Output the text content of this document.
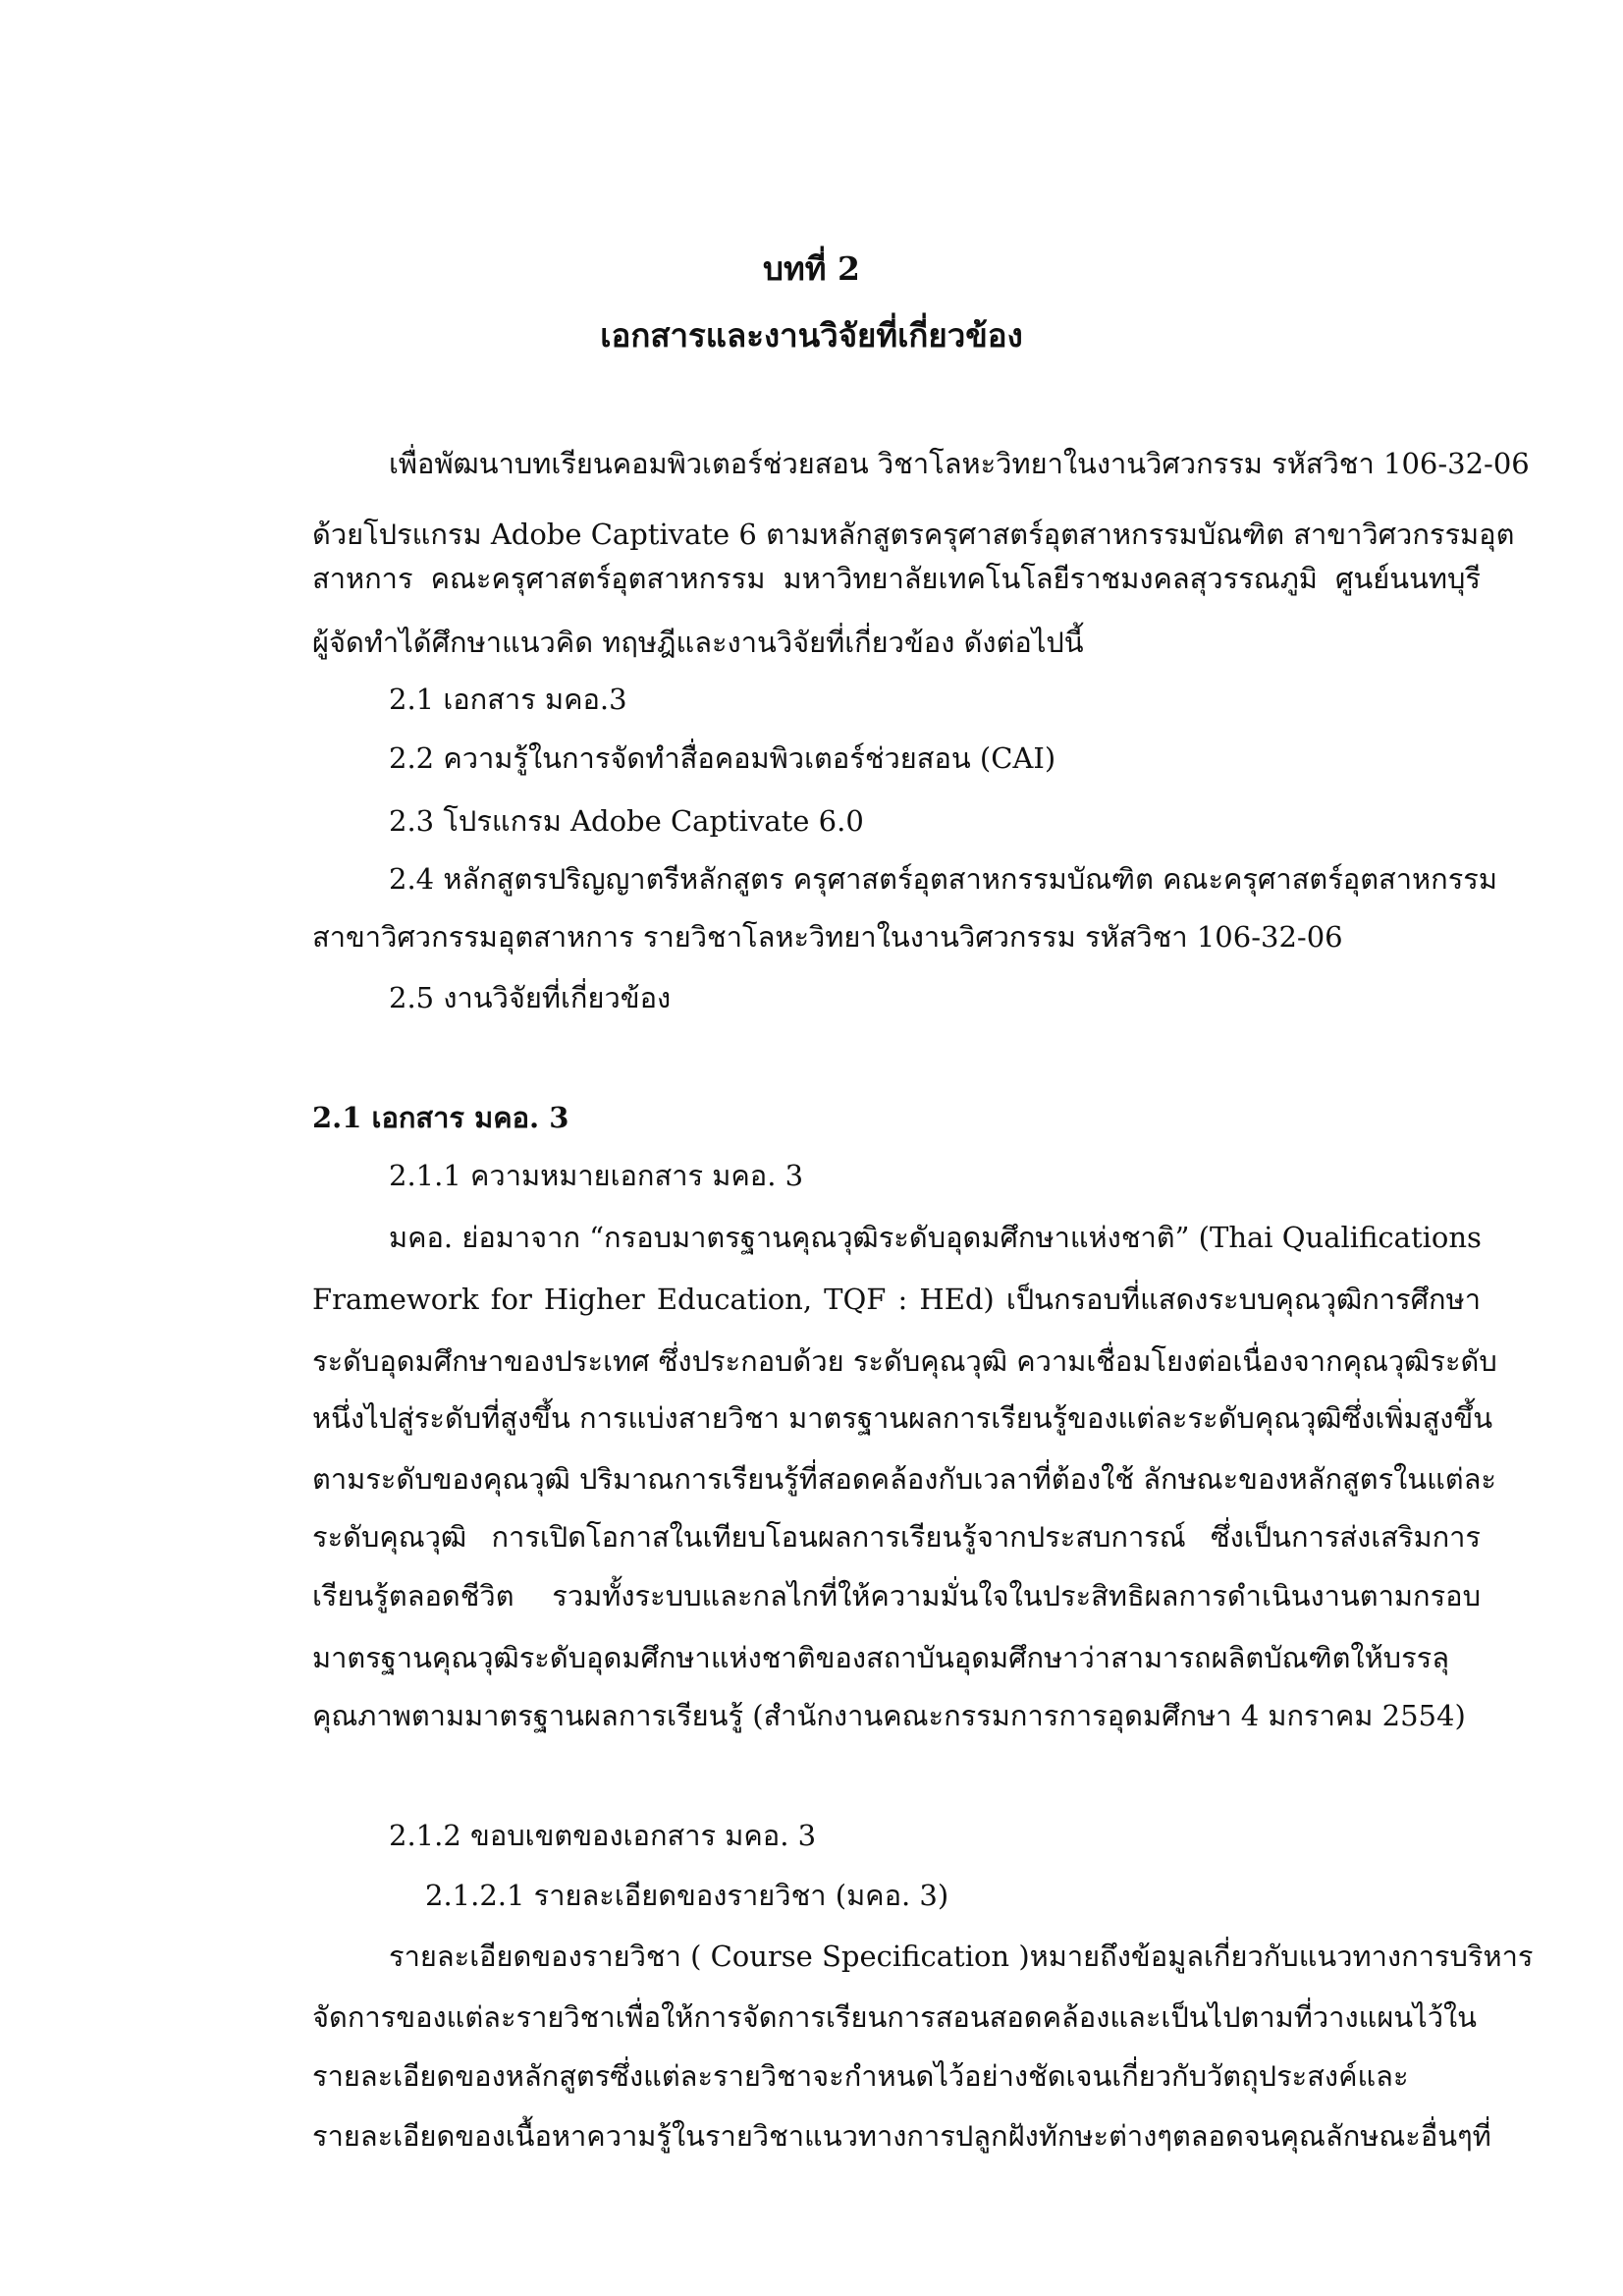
บทที่ 2
เอกสารและงานวิจัยที่เกี่ยวข้อง
เพื่อพัฒนาบทเรียนคอมพิวเตอร์ช่วยสอน วิชาโลหะวิทยาในงานวิศวกรรม รหัสวิชา 106-32-06
ด้วยโปรแกรม Adobe Captivate 6 ตามหลักสูตรครุศาสตร์อุตสาหกรรมบัณฑิต สาขาวิศวกรรมอุต
สาหการ คณะครุศาสตร์อุตสาหกรรม มหาวิทยาลัยเทคโนโลยีราชมงคลสุวรรณภูมิ ศูนย์นนทบุรี
ผู้จัดทำได้ศึกษาแนวคิด ทฤษฎีและงานวิจัยที่เกี่ยวข้อง ดังต่อไปนี้
2.1 เอกสาร มคอ.3
2.2 ความรู้ในการจัดทำสื่อคอมพิวเตอร์ช่วยสอน (CAI)
2.3 โปรแกรม Adobe Captivate 6.0
2.4 หลักสูตรปริญญาตรีหลักสูตร ครุศาสตร์อุตสาหกรรมบัณฑิต คณะครุศาสตร์อุตสาหกรรม
สาขาวิศวกรรมอุตสาหการ รายวิชาโลหะวิทยาในงานวิศวกรรม รหัสวิชา 106-32-06
2.5 งานวิจัยที่เกี่ยวข้อง
2.1 เอกสาร มคอ. 3
2.1.1 ความหมายเอกสาร มคอ. 3
มคอ. ย่อมาจาก “กรอบมาตรฐานคุณวุฒิระดับอุดมศึกษาแห่งชาติ” (Thai Qualifications
Framework for Higher Education, TQF : HEd) เป็นกรอบที่แสดงระบบคุณวุฒิการศึกษา
ระดับอุดมศึกษาของประเทศ ซึ่งประกอบด้วย ระดับคุณวุฒิ ความเชื่อมโยงต่อเนื่องจากคุณวุฒิระดับ
หนึ่งไปสู่ระดับที่สูงขึ้น การแบ่งสายวิชา มาตรฐานผลการเรียนรู้ของแต่ละระดับคุณวุฒิซึ่งเพิ่มสูงขึ้น
ตามระดับของคุณวุฒิ ปริมาณการเรียนรู้ที่สอดคล้องกับเวลาที่ต้องใช้ ลักษณะของหลักสูตรในแต่ละ
ระดับคุณวุฒิ การเปิดโอกาสในเทียบโอนผลการเรียนรู้จากประสบการณ์ ซึ่งเป็นการส่งเสริมการ
เรียนรู้ตลอดชีวิต รวมทั้งระบบและกลไกที่ให้ความมั่นใจในประสิทธิผลการดำเนินงานตามกรอบ
มาตรฐานคุณวุฒิระดับอุดมศึกษาแห่งชาติของสถาบันอุดมศึกษาว่าสามารถผลิตบัณฑิตให้บรรลุ
คุณภาพตามมาตรฐานผลการเรียนรู้ (สำนักงานคณะกรรมการการอุดมศึกษา 4 มกราคม 2554)
2.1.2 ขอบเขตของเอกสาร มคอ. 3
2.1.2.1 รายละเอียดของรายวิชา (มคอ. 3)
รายละเอียดของรายวิชา ( Course Specification )หมายถึงข้อมูลเกี่ยวกับแนวทางการบริหาร
จัดการของแต่ละรายวิชาเพื่อให้การจัดการเรียนการสอนสอดคล้องและเป็นไปตามที่วางแผนไว้ใน
รายละเอียดของหลักสูตรซึ่งแต่ละรายวิชาจะกำหนดไว้อย่างชัดเจนเกี่ยวกับวัตถุประสงค์และ
รายละเอียดของเนื้อหาความรู้ในรายวิชาแนวทางการปลูกฝังทักษะต่างๆตลอดจนคุณลักษณะอื่นๆที่
